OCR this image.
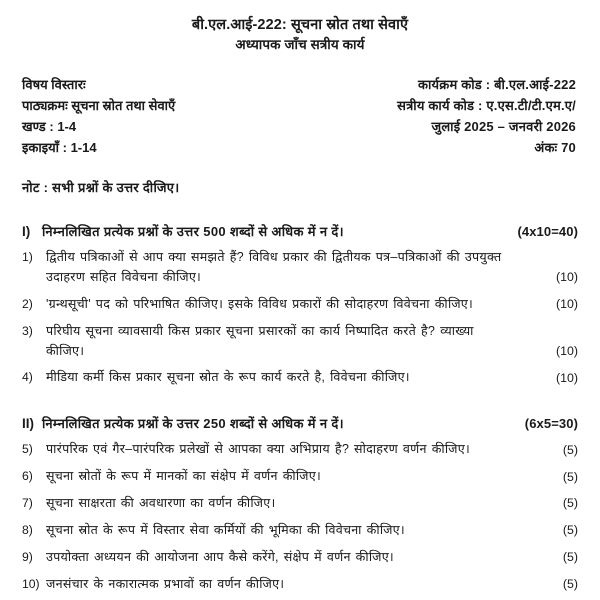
बी.एल.आई-222: सूचना स्रोत तथा सेवाएँ
अध्यापक जाँच सत्रीय कार्य
विषय विस्तारः
पाठ्यक्रमः सूचना स्रोत तथा सेवाएँ
खण्ड : 1-4
इकाइयाँ : 1-14
कार्यक्रम कोड : बी.एल.आई-222
सत्रीय कार्य कोड : ए.एस.टी/टी.एम.ए/
जुलाई 2025 – जनवरी 2026
अंकः 70
नोट : सभी प्रश्नों के उत्तर दीजिए।
I) निम्नलिखित प्रत्येक प्रश्नों के उत्तर 500 शब्दों से अधिक में न दें।	(4x10=40)
1)	द्वितीय पत्रिकाओं से आप क्या समझते हैं? विविध प्रकार की द्वितीयक पत्र–पत्रिकाओं की उपयुक्त उदाहरण सहित विवेचना कीजिए।	(10)
2)	'ग्रन्थसूची' पद को परिभाषित कीजिए। इसके विविध प्रकारों की सोदाहरण विवेचना कीजिए।	(10)
3)	परिघीय सूचना व्यावसायी किस प्रकार सूचना प्रसारकों का कार्य निष्पादित करते है? व्याख्या कीजिए।	(10)
4)	मीडिया कर्मी किस प्रकार सूचना स्रोत के रूप कार्य करते है, विवेचना कीजिए।	(10)
II) निम्नलिखित प्रत्येक प्रश्नों के उत्तर 250 शब्दों से अधिक में न दें।	(6x5=30)
5)	पारंपरिक एवं गैर–पारंपरिक प्रलेखों से आपका क्या अभिप्राय है? सोदाहरण वर्णन कीजिए।	(5)
6)	सूचना स्रोतों के रूप में मानकों का संक्षेप में वर्णन कीजिए।	(5)
7)	सूचना साक्षरता की अवधारणा का वर्णन कीजिए।	(5)
8)	सूचना स्रोत के रूप में विस्तार सेवा कर्मियों की भूमिका की विवेचना कीजिए।	(5)
9)	उपयोक्ता अध्ययन की आयोजना आप कैसे करेंगे, संक्षेप में वर्णन कीजिए।	(5)
10) जनसंचार के नकारात्मक प्रभावों का वर्णन कीजिए।	(5)
